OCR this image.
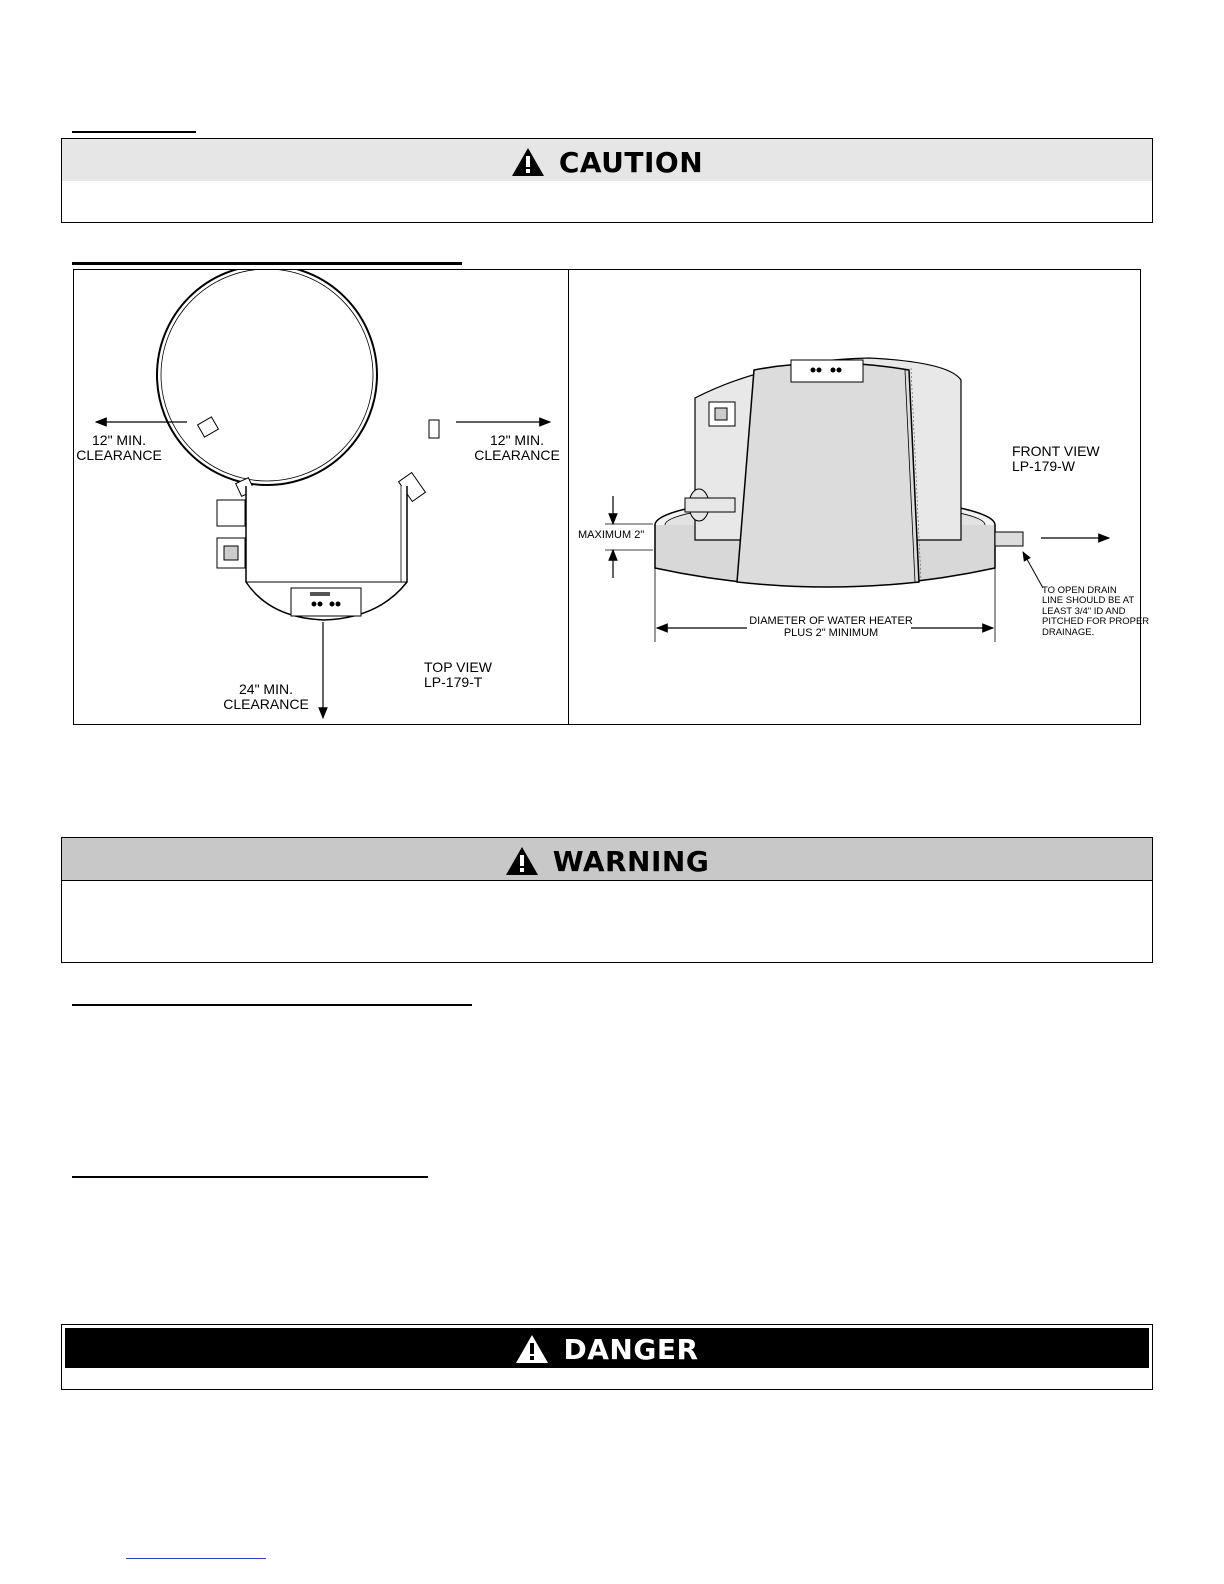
CAUTION
12" MIN.
CLEARANCE
12" MIN.
CLEARANCE
24" MIN.
CLEARANCE
TOP VIEW
LP-179-T
FRONT VIEW
LP-179-W
MAXIMUM 2"
DIAMETER OF WATER HEATER
PLUS 2" MINIMUM
TO OPEN DRAIN
LINE SHOULD BE AT
LEAST 3/4" ID AND
PITCHED FOR PROPER
DRAINAGE.
WARNING
DANGER
